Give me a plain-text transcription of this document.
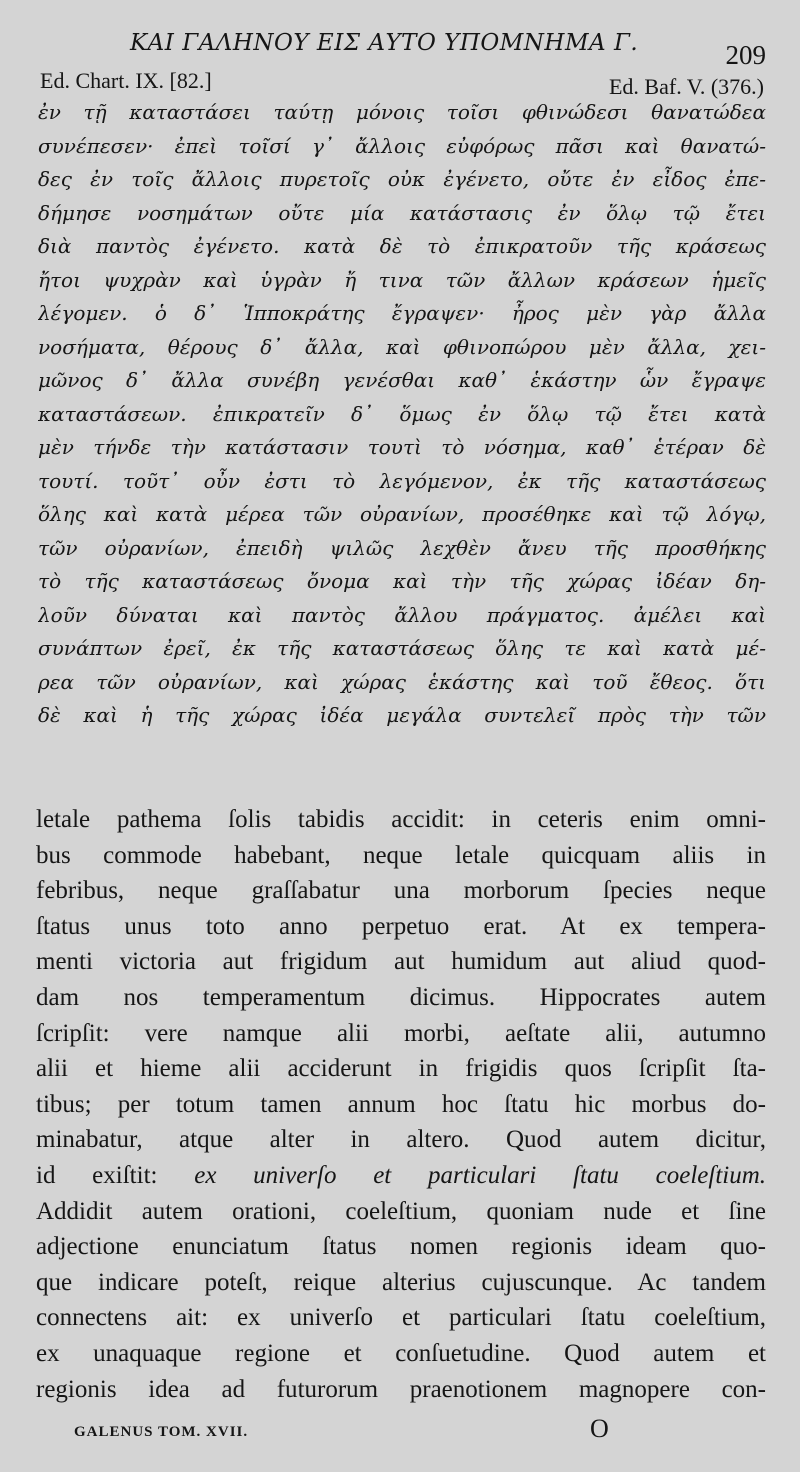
ΚΑΙ ΓΑΛΗΝΟΥ ΕΙΣ ΑΥΤΟ ΥΠΟΜΝΗΜΑ Γ.	209
Ed. Chart. IX. [82.]	Ed. Baf. V. (376.)
ἐν τῇ καταστάσει ταύτῃ μόνοις τοῖσι φθινώδεσι θανατώδεα
συνέπεσεν· ἐπεὶ τοῖσί γ᾽ ἄλλοις εὐφόρως πᾶσι καὶ θανατώ-
δες ἐν τοῖς ἄλλοις πυρετοῖς οὐκ ἐγένετο, οὔτε ἐν εἶδος ἐπε-
δήμησε νοσημάτων οὔτε μία κατάστασις ἐν ὅλῳ τῷ ἔτει
διὰ παντὸς ἐγένετο. κατὰ δὲ τὸ ἐπικρατοῦν τῆς κράσεως
ἤτοι ψυχρὰν καὶ ὑγρὰν ἤ τινα τῶν ἄλλων κράσεων ἡμεῖς
λέγομεν. ὁ δ᾽ Ἱπποκράτης ἔγραψεν· ἦρος μὲν γὰρ ἄλλα
νοσήματα, θέρους δ᾽ ἄλλα, καὶ φθινοπώρου μὲν ἄλλα, χει-
μῶνος δ᾽ ἄλλα συνέβη γενέσθαι καθ᾽ ἑκάστην ὧν ἔγραψε
καταστάσεων. ἐπικρατεῖν δ᾽ ὅμως ἐν ὅλῳ τῷ ἔτει κατὰ
μὲν τήνδε τὴν κατάστασιν τουτὶ τὸ νόσημα, καθ᾽ ἑτέραν δὲ
τουτί. τοῦτ᾽ οὖν ἐστι τὸ λεγόμενον, ἐκ τῆς καταστάσεως
ὅλης καὶ κατὰ μέρεα τῶν οὐρανίων, προσέθηκε καὶ τῷ λόγῳ,
τῶν οὐρανίων, ἐπειδὴ ψιλῶς λεχθὲν ἄνευ τῆς προσθήκης
τὸ τῆς καταστάσεως ὄνομα καὶ τὴν τῆς χώρας ἰδέαν δη-
λοῦν δύναται καὶ παντὸς ἄλλου πράγματος. ἀμέλει καὶ
συνάπτων ἐρεῖ, ἐκ τῆς καταστάσεως ὅλης τε καὶ κατὰ μέ-
ρεα τῶν οὐρανίων, καὶ χώρας ἑκάστης καὶ τοῦ ἔθεος. ὅτι
δὲ καὶ ἡ τῆς χώρας ἰδέα μεγάλα συντελεῖ πρὸς τὴν τῶν
letale pathema ſolis tabidis accidit: in ceteris enim omni-
bus commode habebant, neque letale quicquam aliis in
febribus, neque graſſabatur una morborum ſpecies neque
ſtatus unus toto anno perpetuo erat. At ex tempera-
menti victoria aut frigidum aut humidum aut aliud quod-
dam nos temperamentum dicimus. Hippocrates autem
ſcripſit: vere namque alii morbi, aeſtate alii, autumno
alii et hieme alii acciderunt in frigidis quos ſcripſit ſta-
tibus; per totum tamen annum hoc ſtatu hic morbus do-
minabatur, atque alter in altero. Quod autem dicitur,
id exiſtit: ex univerſo et particulari ſtatu coeleſtium.
Addidit autem orationi, coeleſtium, quoniam nude et ſine
adjectione enunciatum ſtatus nomen regionis ideam quo-
que indicare poteſt, reique alterius cujuscunque. Ac tandem
connectens ait: ex univerſo et particulari ſtatu coeleſtium,
ex unaquaque regione et conſuetudine. Quod autem et
regionis idea ad futurorum praenotionem magnopere con-
GALENUS TOM. XVII.	O
